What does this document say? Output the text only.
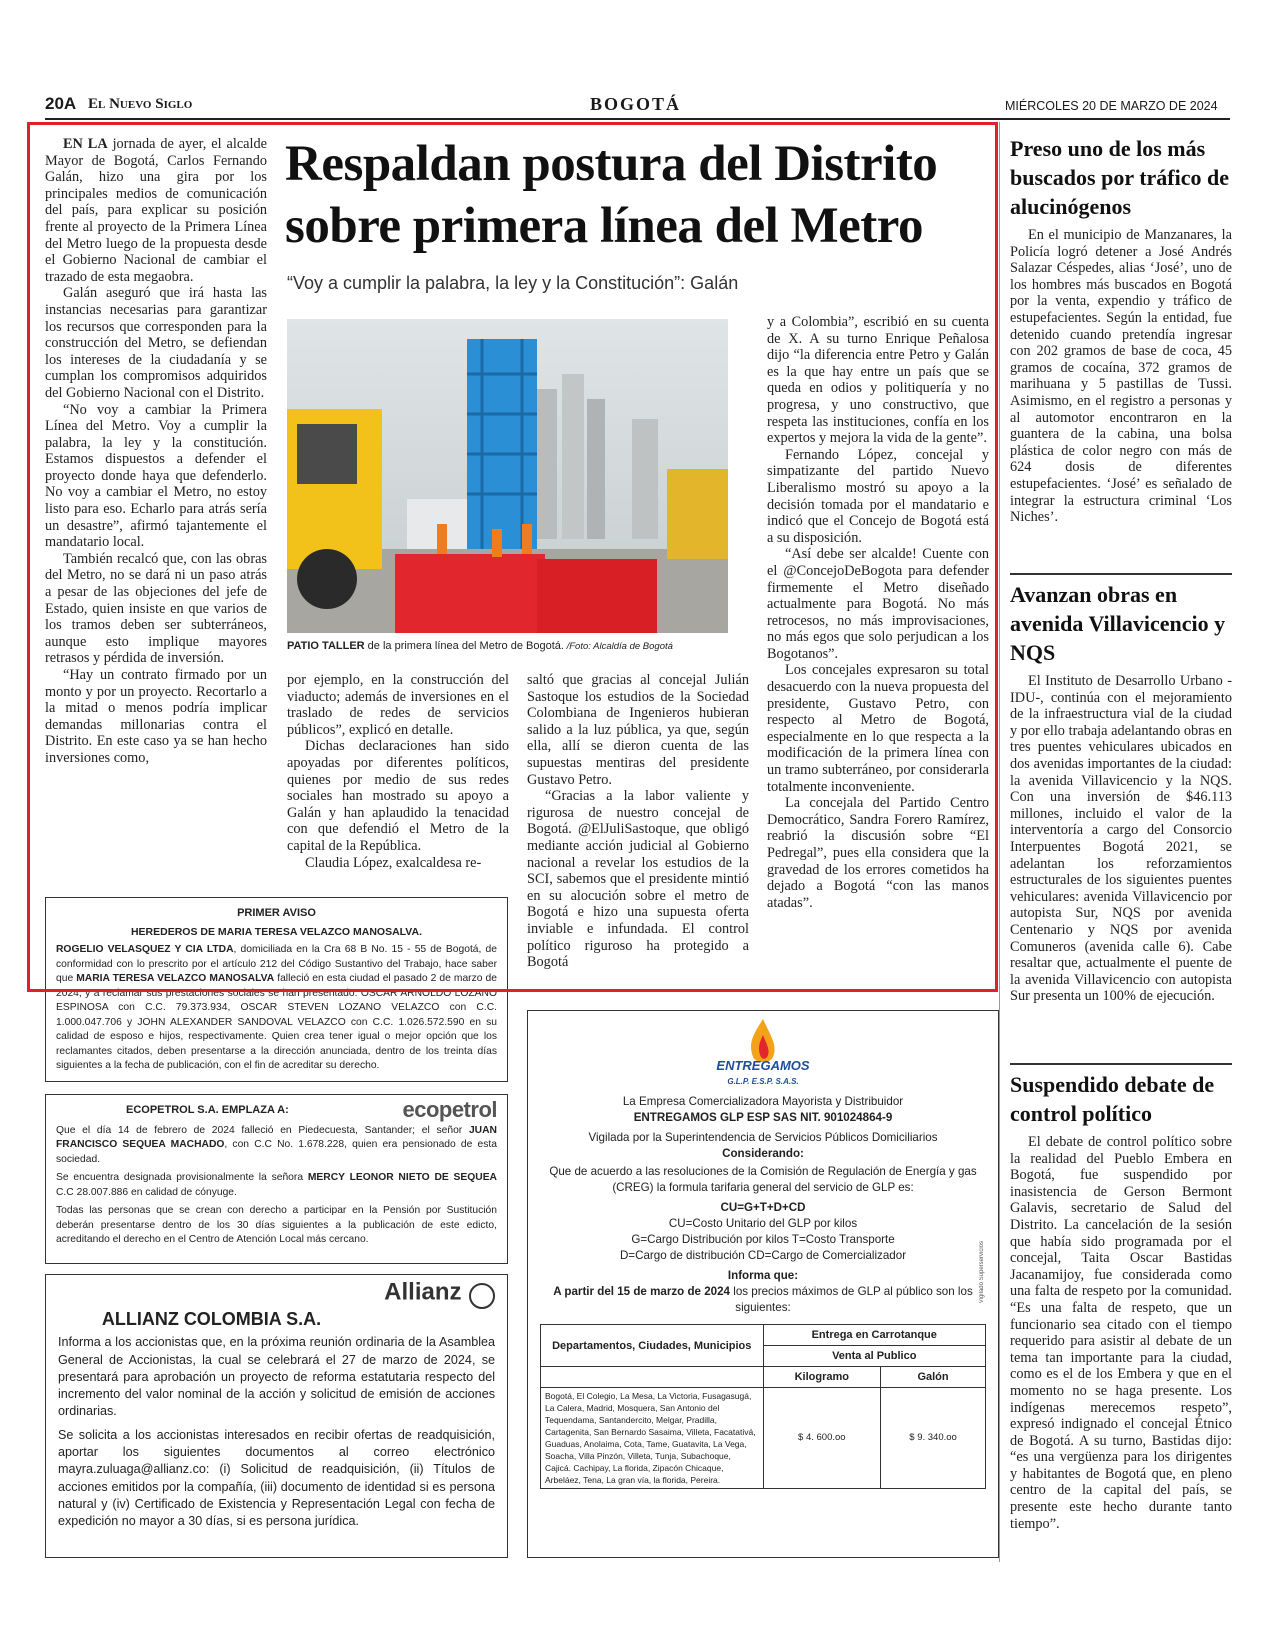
20A El Nuevo Siglo	BOGOTÁ	MIÉRCOLES 20 DE MARZO DE 2024

EN LA jornada de ayer, el alcalde Mayor de Bogotá, Carlos Fernando Galán, hizo una gira por los principales medios de comunicación del país, para explicar su posición frente al proyecto de la Primera Línea del Metro luego de la propuesta desde el Gobierno Nacional de cambiar el trazado de esta megaobra.

Galán aseguró que irá hasta las instancias necesarias para garantizar los recursos que corresponden para la construcción del Metro, se defiendan los intereses de la ciudadanía y se cumplan los compromisos adquiridos del Gobierno Nacional con el Distrito.

“No voy a cambiar la Primera Línea del Metro. Voy a cumplir la palabra, la ley y la constitución. Estamos dispuestos a defender el proyecto donde haya que defenderlo. No voy a cambiar el Metro, no estoy listo para eso. Echarlo para atrás sería un desastre”, afirmó tajantemente el mandatario local.

También recalcó que, con las obras del Metro, no se dará ni un paso atrás a pesar de las objeciones del jefe de Estado, quien insiste en que varios de los tramos deben ser subterráneos, aunque esto implique mayores retrasos y pérdida de inversión.

“Hay un contrato firmado por un monto y por un proyecto. Recortarlo a la mitad o menos podría implicar demandas millonarias contra el Distrito. En este caso ya se han hecho inversiones como,

Respaldan postura del Distrito
sobre primera línea del Metro
“Voy a cumplir la palabra, la ley y la Constitución”: Galán
PATIO TALLER de la primera línea del Metro de Bogotá. /Foto: Alcaldía de Bogotá

por ejemplo, en la construcción del viaducto; además de inversiones en el traslado de redes de servicios públicos”, explicó en detalle.

Dichas declaraciones han sido apoyadas por diferentes políticos, quienes por medio de sus redes sociales han mostrado su apoyo a Galán y han aplaudido la tenacidad con que defendió el Metro de la capital de la República.

Claudia López, exalcaldesa re-

saltó que gracias al concejal Julián Sastoque los estudios de la Sociedad Colombiana de Ingenieros hubieran salido a la luz pública, ya que, según ella, allí se dieron cuenta de las supuestas mentiras del presidente Gustavo Petro.

“Gracias a la labor valiente y rigurosa de nuestro concejal de Bogotá. @ElJuliSastoque, que obligó mediante acción judicial al Gobierno nacional a revelar los estudios de la SCI, sabemos que el presidente mintió en su alocución sobre el metro de Bogotá e hizo una supuesta oferta inviable e infundada. El control político riguroso ha protegido a Bogotá

y a Colombia”, escribió en su cuenta de X. A su turno Enrique Peñalosa dijo “la diferencia entre Petro y Galán es la que hay entre un país que se queda en odios y politiquería y no progresa, y uno constructivo, que respeta las instituciones, confía en los expertos y mejora la vida de la gente”.

Fernando López, concejal y simpatizante del partido Nuevo Liberalismo mostró su apoyo a la decisión tomada por el mandatario e indicó que el Concejo de Bogotá está a su disposición.

“Así debe ser alcalde! Cuente con el @ConcejoDeBogota para defender firmemente el Metro diseñado actualmente para Bogotá. No más retrocesos, no más improvisaciones, no más egos que solo perjudican a los Bogotanos”.

Los concejales expresaron su total desacuerdo con la nueva propuesta del presidente, Gustavo Petro, con respecto al Metro de Bogotá, especialmente en lo que respecta a la modificación de la primera línea con un tramo subterráneo, por considerarla totalmente inconveniente.

La concejala del Partido Centro Democrático, Sandra Forero Ramírez, reabrió la discusión sobre “El Pedregal”, pues ella considera que la gravedad de los errores cometidos ha dejado a Bogotá “con las manos atadas”.

Preso uno de los más buscados por tráfico de alucinógenos

En el municipio de Manzanares, la Policía logró detener a José Andrés Salazar Céspedes, alias ‘José’, uno de los hombres más buscados en Bogotá por la venta, expendio y tráfico de estupefacientes. Según la entidad, fue detenido cuando pretendía ingresar con 202 gramos de base de coca, 45 gramos de cocaína, 372 gramos de marihuana y 5 pastillas de Tussi. Asimismo, en el registro a personas y al automotor encontraron en la guantera de la cabina, una bolsa plástica de color negro con más de 624 dosis de diferentes estupefacientes. ‘José’ es señalado de integrar la estructura criminal ‘Los Niches’.

Avanzan obras en avenida Villavicencio y NQS

El Instituto de Desarrollo Urbano -IDU-, continúa con el mejoramiento de la infraestructura vial de la ciudad y por ello trabaja adelantando obras en tres puentes vehiculares ubicados en dos avenidas importantes de la ciudad: la avenida Villavicencio y la NQS. Con una inversión de $46.113 millones, incluido el valor de la interventoría a cargo del Consorcio Interpuentes Bogotá 2021, se adelantan los reforzamientos estructurales de los siguientes puentes vehiculares: avenida Villavicencio por autopista Sur, NQS por avenida Centenario y NQS por avenida Comuneros (avenida calle 6). Cabe resaltar que, actualmente el puente de la avenida Villavicencio con autopista Sur presenta un 100% de ejecución.

Suspendido debate de control político

El debate de control político sobre la realidad del Pueblo Embera en Bogotá, fue suspendido por inasistencia de Gerson Bermont Galavis, secretario de Salud del Distrito. La cancelación de la sesión que había sido programada por el concejal, Taita Oscar Bastidas Jacanamijoy, fue considerada como una falta de respeto por la comunidad. “Es una falta de respeto, que un funcionario sea citado con el tiempo requerido para asistir al debate de un tema tan importante para la ciudad, como es el de los Embera y que en el momento no se haga presente. Los indígenas merecemos respeto”, expresó indignado el concejal Étnico de Bogotá. A su turno, Bastidas dijo: “es una vergüenza para los dirigentes y habitantes de Bogotá que, en pleno centro de la capital del país, se presente este hecho durante tanto tiempo”.

PRIMER AVISO
HEREDEROS DE MARIA TERESA VELAZCO MANOSALVA.

ROGELIO VELASQUEZ Y CIA LTDA, domiciliada en la Cra 68 B No. 15 - 55 de Bogotá, de conformidad con lo prescrito por el artículo 212 del Código Sustantivo del Trabajo, hace saber que MARIA TERESA VELAZCO MANOSALVA falleció en esta ciudad el pasado 2 de marzo de 2024, y a reclamar sus prestaciones sociales se han presentado: OSCAR ARNOLDO LOZANO ESPINOSA con C.C. 79.373.934, OSCAR STEVEN LOZANO VELAZCO con C.C. 1.000.047.706 y JOHN ALEXANDER SANDOVAL VELAZCO con C.C. 1.026.572.590 en su calidad de esposo e hijos, respectivamente. Quien crea tener igual o mejor opción que los reclamantes citados, deben presentarse a la dirección anunciada, dentro de los treinta días siguientes a la fecha de publicación, con el fin de acreditar su derecho.

ECOPETROL S.A. EMPLAZA A:	ecopetrol

Que el día 14 de febrero de 2024 falleció en Piedecuesta, Santander; el señor JUAN FRANCISCO SEQUEA MACHADO, con C.C No. 1.678.228, quien era pensionado de esta sociedad.

Se encuentra designada provisionalmente la señora MERCY LEONOR NIETO DE SEQUEA C.C 28.007.886 en calidad de cónyuge.

Todas las personas que se crean con derecho a participar en la Pensión por Sustitución deberán presentarse dentro de los 30 días siguientes a la publicación de este edicto, acreditando el derecho en el Centro de Atención Local más cercano.

Allianz
ALLIANZ COLOMBIA S.A.

Informa a los accionistas que, en la próxima reunión ordinaria de la Asamblea General de Accionistas, la cual se celebrará el 27 de marzo de 2024, se presentará para aprobación un proyecto de reforma estatutaria respecto del incremento del valor nominal de la acción y solicitud de emisión de acciones ordinarias.

Se solicita a los accionistas interesados en recibir ofertas de readquisición, aportar los siguientes documentos al correo electrónico mayra.zuluaga@allianz.co: (i) Solicitud de readquisición, (ii) Títulos de acciones emitidos por la compañía, (iii) documento de identidad si es persona natural y (iv) Certificado de Existencia y Representación Legal con fecha de expedición no mayor a 30 días, si es persona jurídica.

ENTREGAMOS
G.L.P. E.S.P. S.A.S.
La Empresa Comercializadora Mayorista y Distribuidor
ENTREGAMOS GLP ESP SAS NIT. 901024864-9
Vigilada por la Superintendencia de Servicios Públicos Domiciliarios
Considerando:
Que de acuerdo a las resoluciones de la Comisión de Regulación de Energía y gas (CREG) la formula tarifaria general del servicio de GLP es:
CU=G+T+D+CD
CU=Costo Unitario del GLP por kilos
G=Cargo Distribución por kilos T=Costo Transporte
D=Cargo de distribución CD=Cargo de Comercializador
Informa que:
A partir del 15 de marzo de 2024 los precios máximos de GLP al público son los siguientes:
Vigilado Superservicios
Departamentos, Ciudades, Municipios	Entrega en Carrotanque	
	Venta al Publico	
	Kilogramo	Galón
Bogotá, El Colegio, La Mesa, La Victoria, Fusagasugá, La Calera, Madrid, Mosquera, San Antonio del Tequendama, Santandercito, Melgar, Pradilla, Cartagenita, San Bernardo Sasaima, Villeta, Facatativá, Guaduas, Anolaima, Cota, Tame, Guatavita, La Vega, Soacha, Villa Pinzón, Villeta, Tunja, Subachoque, Cajicá. Cachipay, La florida, Zipacón Chicaque, Arbeláez, Tena, La gran vía, la florida, Pereira.	$ 4. 600.oo	$ 9. 340.oo
